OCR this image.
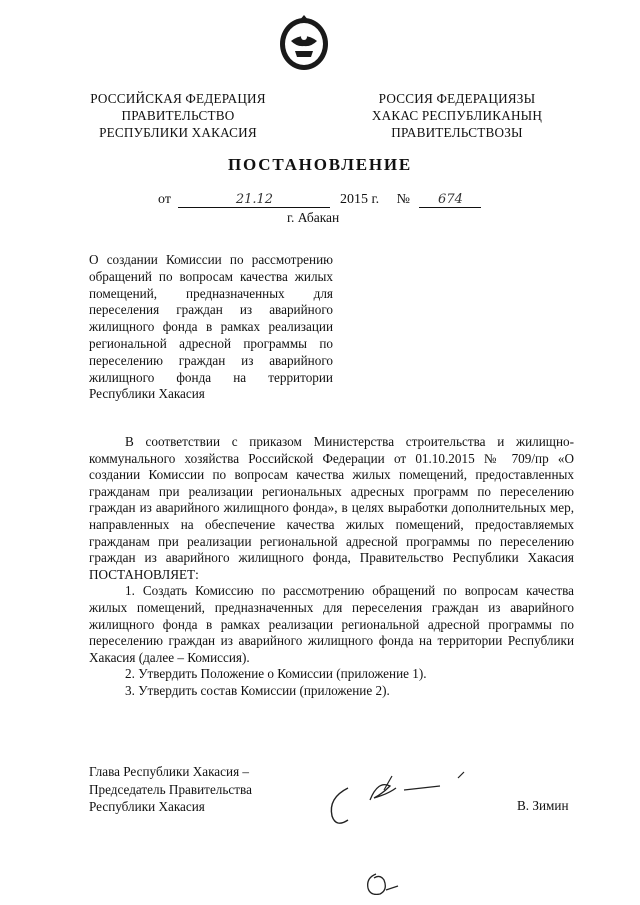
РОССИЙСКАЯ ФЕДЕРАЦИЯ
ПРАВИТЕЛЬСТВО
РЕСПУБЛИКИ ХАКАСИЯ
РОССИЯ ФЕДЕРАЦИЯЗЫ
ХАКАС РЕСПУБЛИКАНЫҢ
ПРАВИТЕЛЬСТВОЗЫ
ПОСТАНОВЛЕНИЕ
от	21.12	2015 г. № 674
г. Абакан
О создании Комиссии по рассмотрению обращений по вопросам качества жилых помещений, предназначенных для переселения граждан из аварийного жилищного фонда в рамках реализации региональной адресной программы по переселению граждан из аварийного жилищного фонда на территории Республики Хакасия

В соответствии с приказом Министерства строительства и жилищно-коммунального хозяйства Российской Федерации от 01.10.2015 № 709/пр «О создании Комиссии по вопросам качества жилых помещений, предоставленных гражданам при реализации региональных адресных программ по переселению граждан из аварийного жилищного фонда», в целях выработки дополнительных мер, направленных на обеспечение качества жилых помещений, предоставляемых гражданам при реализации региональной адресной программы по переселению граждан из аварийного жилищного фонда, Правительство Республики Хакасия ПОСТАНОВЛЯЕТ:

1. Создать Комиссию по рассмотрению обращений по вопросам качества жилых помещений, предназначенных для переселения граждан из аварийного жилищного фонда в рамках реализации региональной адресной программы по переселению граждан из аварийного жилищного фонда на территории Республики Хакасия (далее – Комиссия).

2. Утвердить Положение о Комиссии (приложение 1).

3. Утвердить состав Комиссии (приложение 2).

Глава Республики Хакасия –
Председатель Правительства
Республики Хакасия	В. Зимин
